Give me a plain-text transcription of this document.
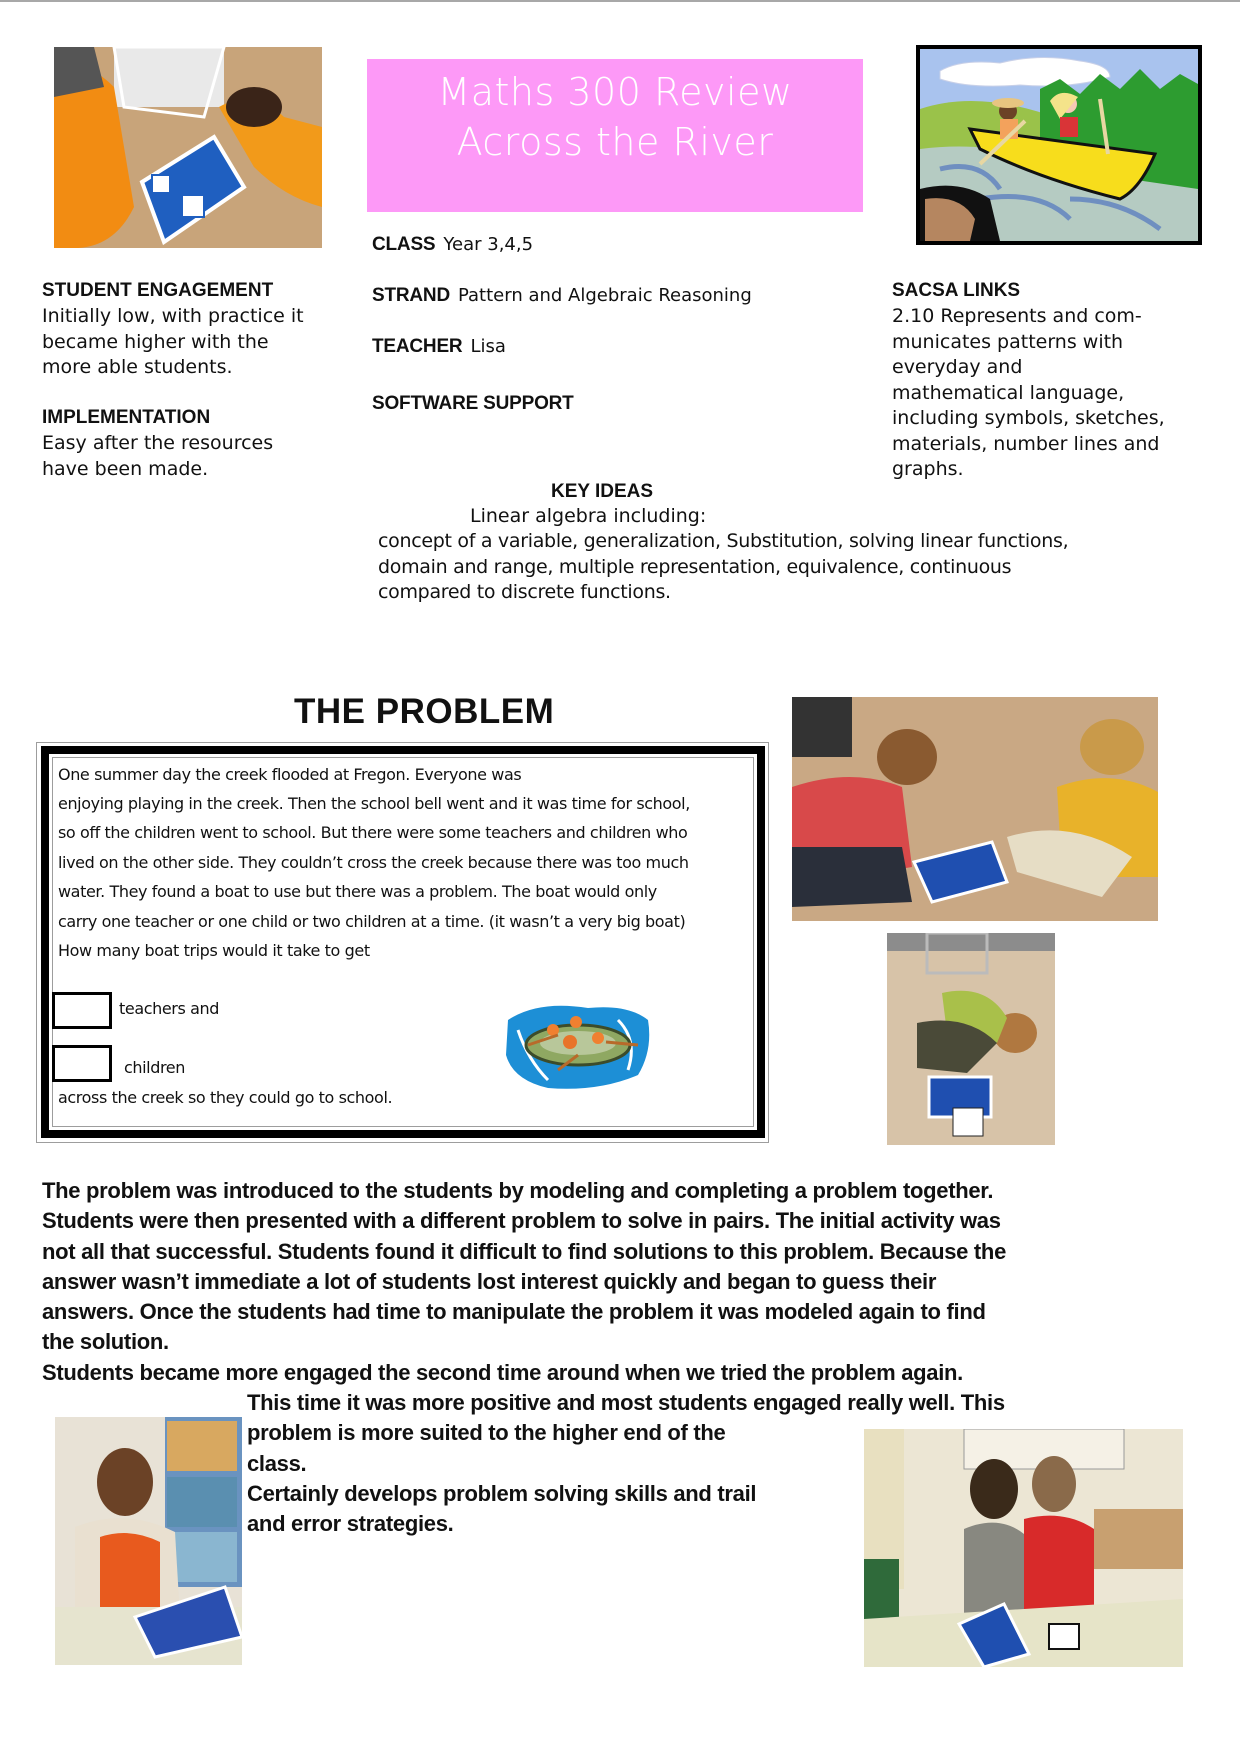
Maths 300 Review
Across the River
CLASS Year 3,4,5
STRAND Pattern and Algebraic Reasoning
TEACHER Lisa
SOFTWARE SUPPORT
STUDENT ENGAGEMENT
Initially low, with practice it
became higher with the
more able students.
IMPLEMENTATION
Easy after the resources
have been made.
SACSA LINKS
2.10 Represents and com-
municates patterns with
everyday and
mathematical language,
including symbols, sketches,
materials, number lines and
graphs.
KEY IDEAS
Linear algebra including:
concept of a variable, generalization, Substitution, solving linear functions,
domain and range, multiple representation, equivalence, continuous
compared to discrete functions.
THE PROBLEM
One summer day the creek flooded at Fregon. Everyone was
enjoying playing in the creek. Then the school bell went and it was time for school,
so off the children went to school. But there were some teachers and children who
lived on the other side. They couldn’t cross the creek because there was too much
water. They found a boat to use but there was a problem. The boat would only
carry one teacher or one child or two children at a time. (it wasn’t a very big boat)
How many boat trips would it take to get
teachers and
children
across the creek so they could go to school.
The problem was introduced to the students by modeling and completing a problem together.
Students were then presented with a different problem to solve in pairs. The initial activity was
not all that successful. Students found it difficult to find solutions to this problem. Because the
answer wasn’t immediate a lot of students lost interest quickly and began to guess their
answers. Once the students had time to manipulate the problem it was modeled again to find
the solution.
Students became more engaged the second time around when we tried the problem again.
This time it was more positive and most students engaged really well. This
problem is more suited to the higher end of the
class.
Certainly develops problem solving skills and trail
and error strategies.
